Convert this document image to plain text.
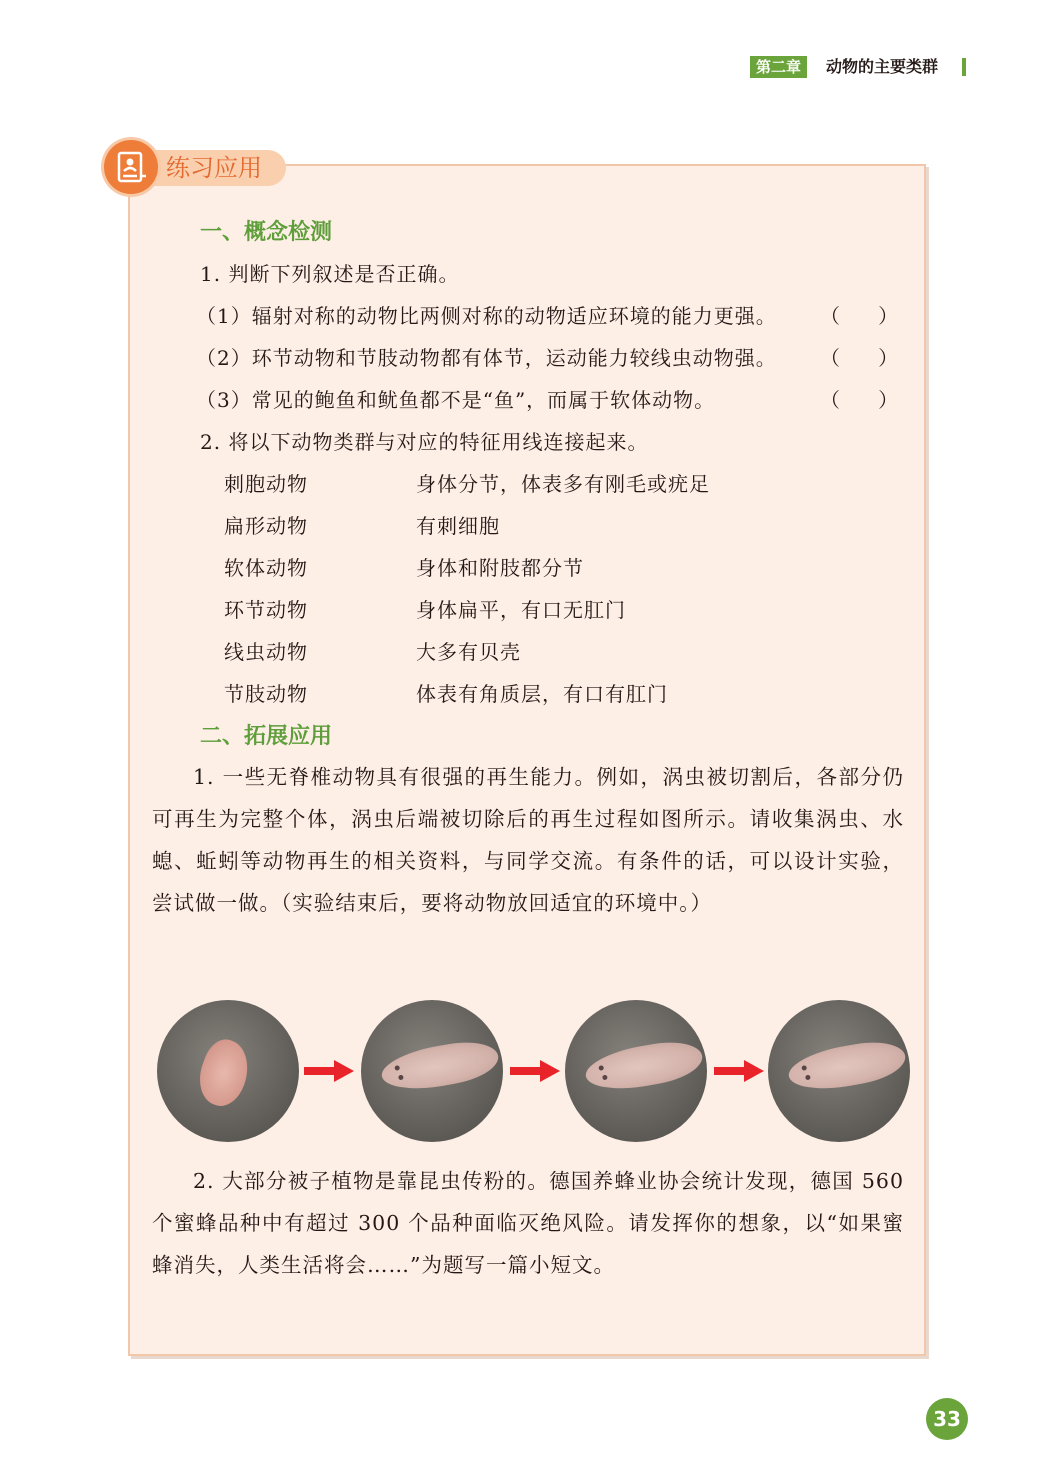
第二章	动物的主要类群
练习应用
一、概念检测
1. 判断下列叙述是否正确。
（1）辐射对称的动物比两侧对称的动物适应环境的能力更强。 （      ）
（2）环节动物和节肢动物都有体节，运动能力较线虫动物强。 （      ）
（3）常见的鲍鱼和鱿鱼都不是“鱼”，而属于软体动物。	（      ）
2. 将以下动物类群与对应的特征用线连接起来。
刺胞动物	身体分节，体表多有刚毛或疣足
扁形动物	有刺细胞
软体动物	身体和附肢都分节
环节动物	身体扁平，有口无肛门
线虫动物	大多有贝壳
节肢动物	体表有角质层，有口有肛门
二、拓展应用

1. 一些无脊椎动物具有很强的再生能力。例如，涡虫被切割后，各部分仍可再生为完整个体，涡虫后端被切除后的再生过程如图所示。请收集涡虫、水螅、蚯蚓等动物再生的相关资料，与同学交流。有条件的话，可以设计实验，尝试做一做。（实验结束后，要将动物放回适宜的环境中。）

2. 大部分被子植物是靠昆虫传粉的。德国养蜂业协会统计发现，德国 560 个蜜蜂品种中有超过 300 个品种面临灭绝风险。请发挥你的想象，以“如果蜜蜂消失，人类生活将会……”为题写一篇小短文。

33
